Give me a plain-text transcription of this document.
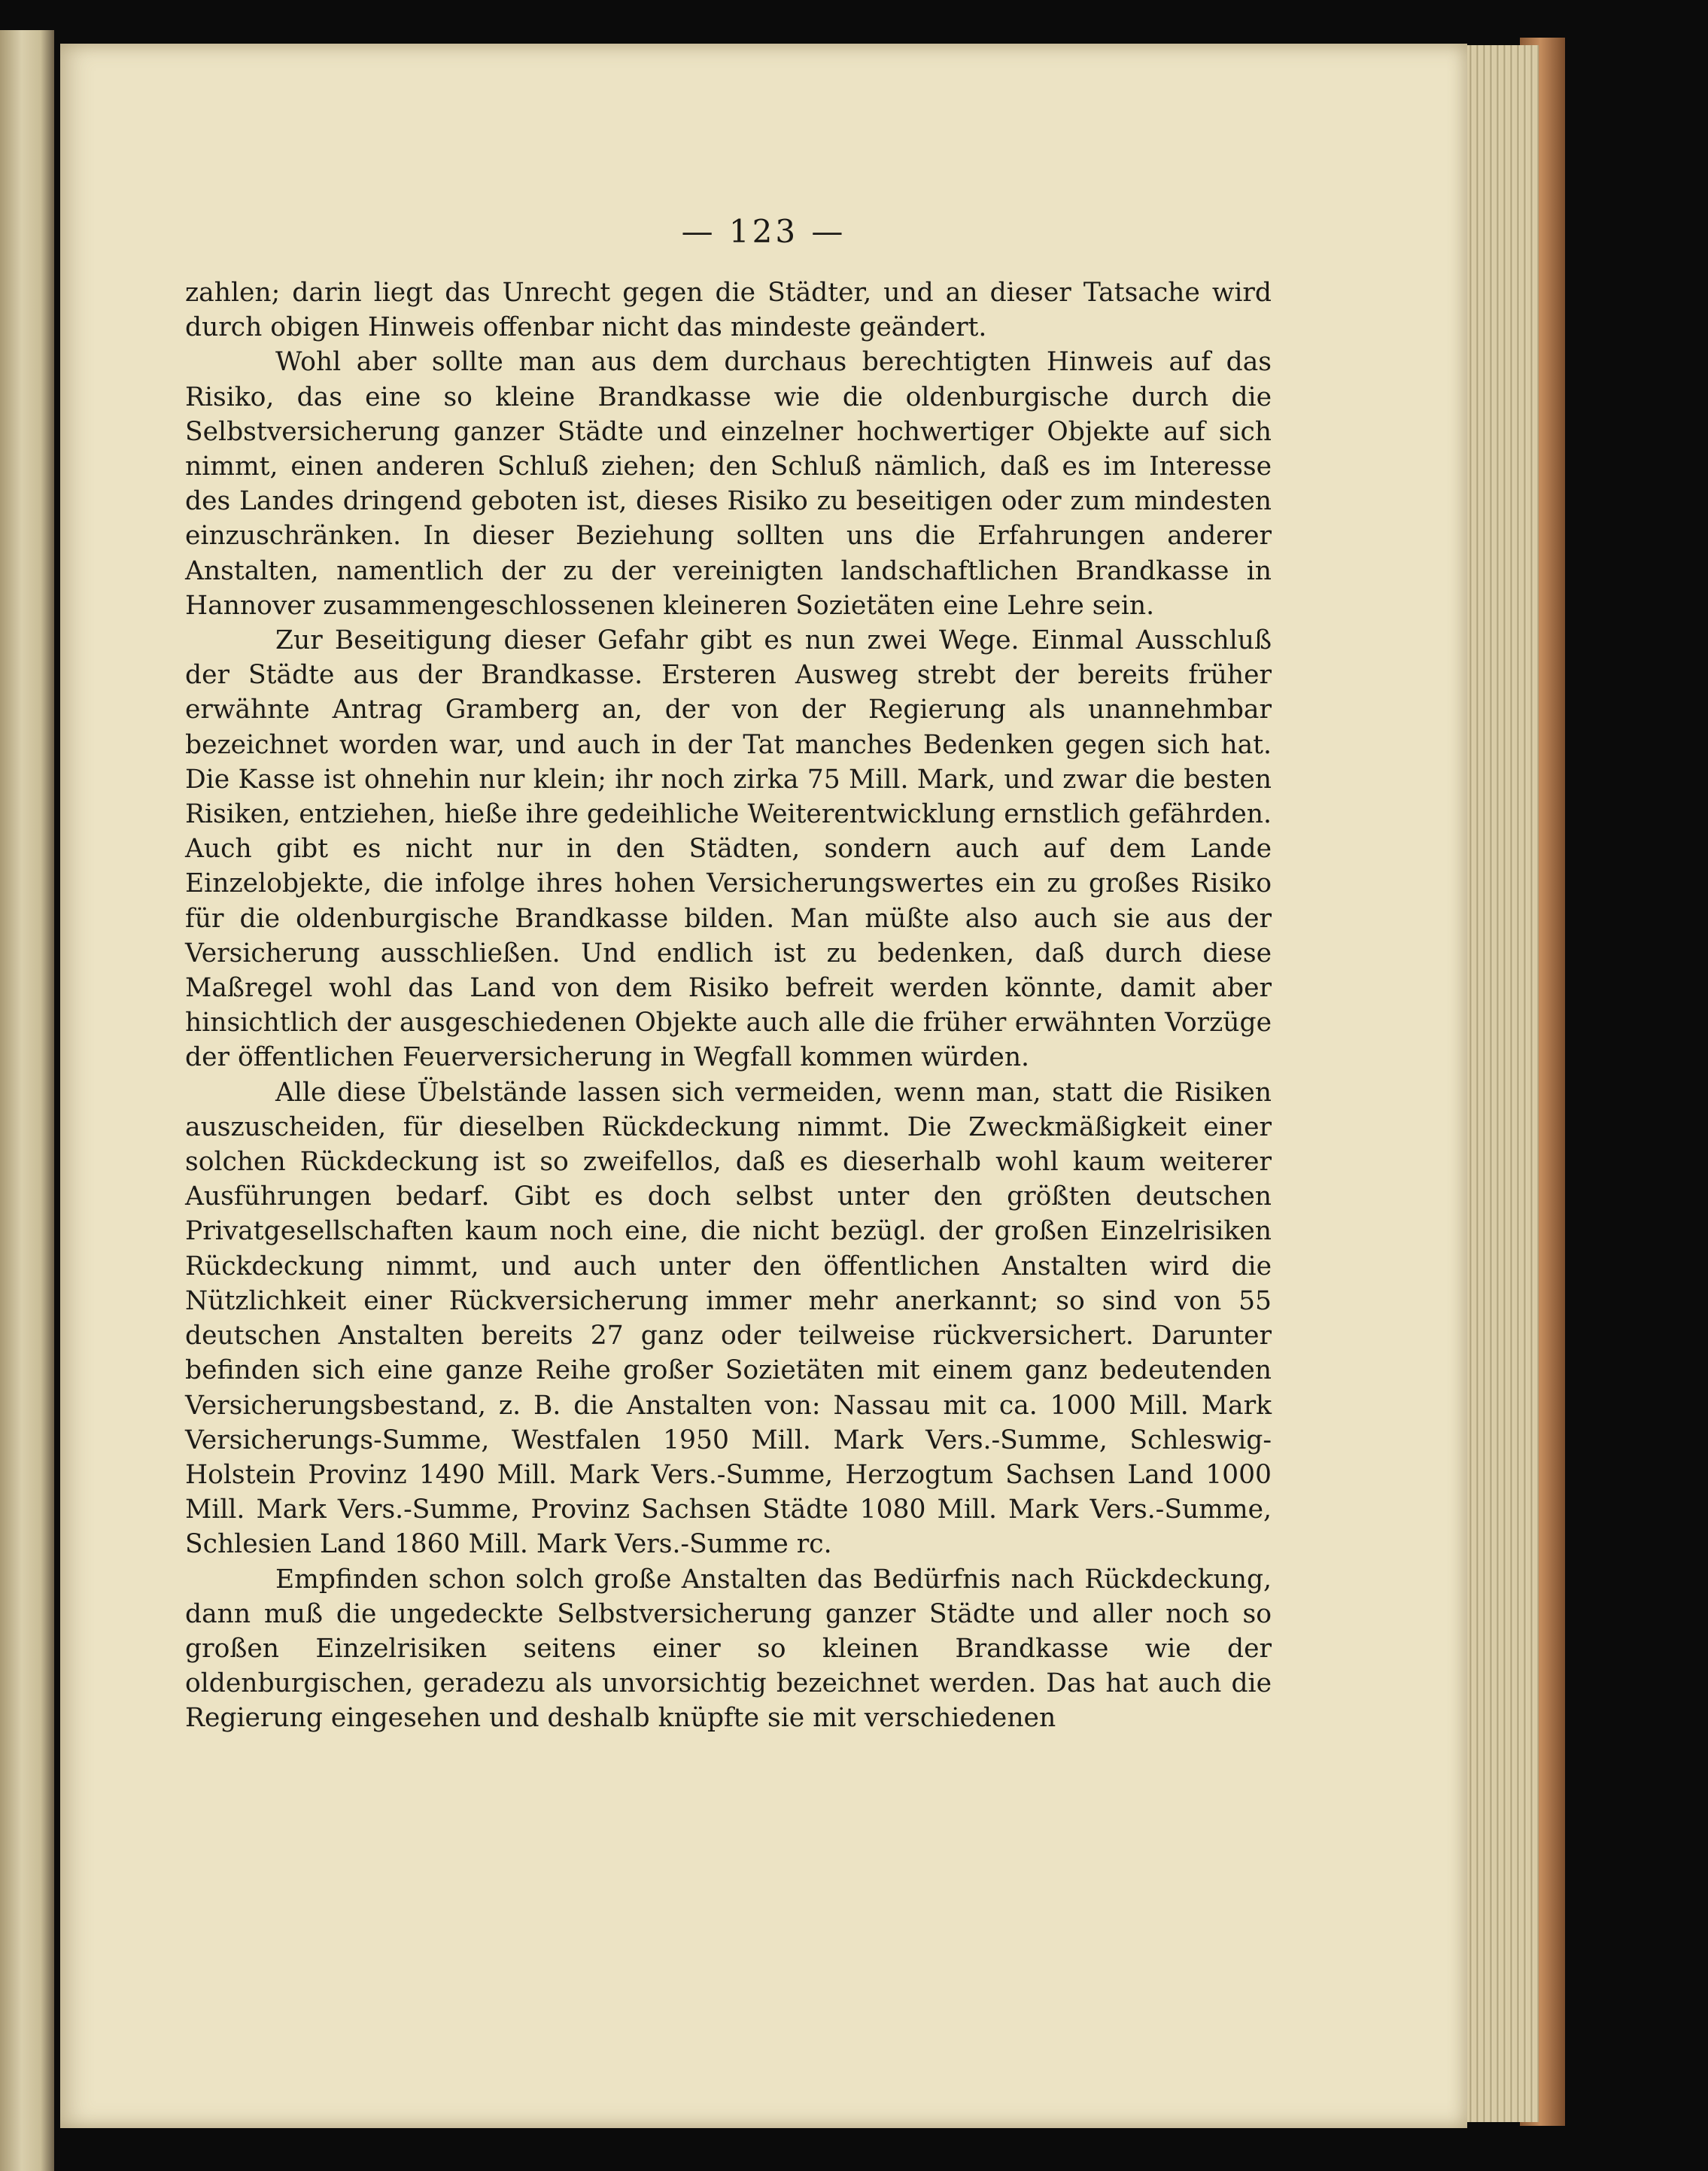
— 123 —

zahlen; darin liegt das Unrecht gegen die Städter, und an dieser Tatsache wird durch obigen Hinweis offenbar nicht das mindeste geändert.

Wohl aber sollte man aus dem durchaus berechtigten Hinweis auf das Risiko, das eine so kleine Brandkasse wie die oldenburgische durch die Selbstversicherung ganzer Städte und einzelner hochwertiger Objekte auf sich nimmt, einen anderen Schluß ziehen; den Schluß nämlich, daß es im Interesse des Landes dringend geboten ist, dieses Risiko zu beseitigen oder zum mindesten einzuschränken. In dieser Beziehung sollten uns die Erfahrungen anderer Anstalten, namentlich der zu der vereinigten landschaftlichen Brandkasse in Hannover zusammengeschlossenen kleineren Sozietäten eine Lehre sein.

Zur Beseitigung dieser Gefahr gibt es nun zwei Wege. Einmal Ausschluß der Städte aus der Brandkasse. Ersteren Ausweg strebt der bereits früher erwähnte Antrag Gramberg an, der von der Regierung als unannehmbar bezeichnet worden war, und auch in der Tat manches Bedenken gegen sich hat. Die Kasse ist ohnehin nur klein; ihr noch zirka 75 Mill. Mark, und zwar die besten Risiken, entziehen, hieße ihre gedeihliche Weiterentwicklung ernstlich gefährden. Auch gibt es nicht nur in den Städten, sondern auch auf dem Lande Einzelobjekte, die infolge ihres hohen Versicherungswertes ein zu großes Risiko für die oldenburgische Brandkasse bilden. Man müßte also auch sie aus der Versicherung ausschließen. Und endlich ist zu bedenken, daß durch diese Maßregel wohl das Land von dem Risiko befreit werden könnte, damit aber hinsichtlich der ausgeschiedenen Objekte auch alle die früher erwähnten Vorzüge der öffentlichen Feuerversicherung in Wegfall kommen würden.

Alle diese Übelstände lassen sich vermeiden, wenn man, statt die Risiken auszuscheiden, für dieselben Rückdeckung nimmt. Die Zweckmäßigkeit einer solchen Rückdeckung ist so zweifellos, daß es dieserhalb wohl kaum weiterer Ausführungen bedarf. Gibt es doch selbst unter den größten deutschen Privatgesellschaften kaum noch eine, die nicht bezügl. der großen Einzelrisiken Rückdeckung nimmt, und auch unter den öffentlichen Anstalten wird die Nützlichkeit einer Rückversicherung immer mehr anerkannt; so sind von 55 deutschen Anstalten bereits 27 ganz oder teilweise rückversichert. Darunter befinden sich eine ganze Reihe großer Sozietäten mit einem ganz bedeutenden Versicherungsbestand, z. B. die Anstalten von: Nassau mit ca. 1000 Mill. Mark Versicherungs-Summe, Westfalen 1950 Mill. Mark Vers.-Summe, Schleswig-Holstein Provinz 1490 Mill. Mark Vers.-Summe, Herzogtum Sachsen Land 1000 Mill. Mark Vers.-Summe, Provinz Sachsen Städte 1080 Mill. Mark Vers.-Summe, Schlesien Land 1860 Mill. Mark Vers.-Summe rc.

Empfinden schon solch große Anstalten das Bedürfnis nach Rückdeckung, dann muß die ungedeckte Selbstversicherung ganzer Städte und aller noch so großen Einzelrisiken seitens einer so kleinen Brandkasse wie der oldenburgischen, geradezu als unvorsichtig bezeichnet werden. Das hat auch die Regierung eingesehen und deshalb knüpfte sie mit verschiedenen
